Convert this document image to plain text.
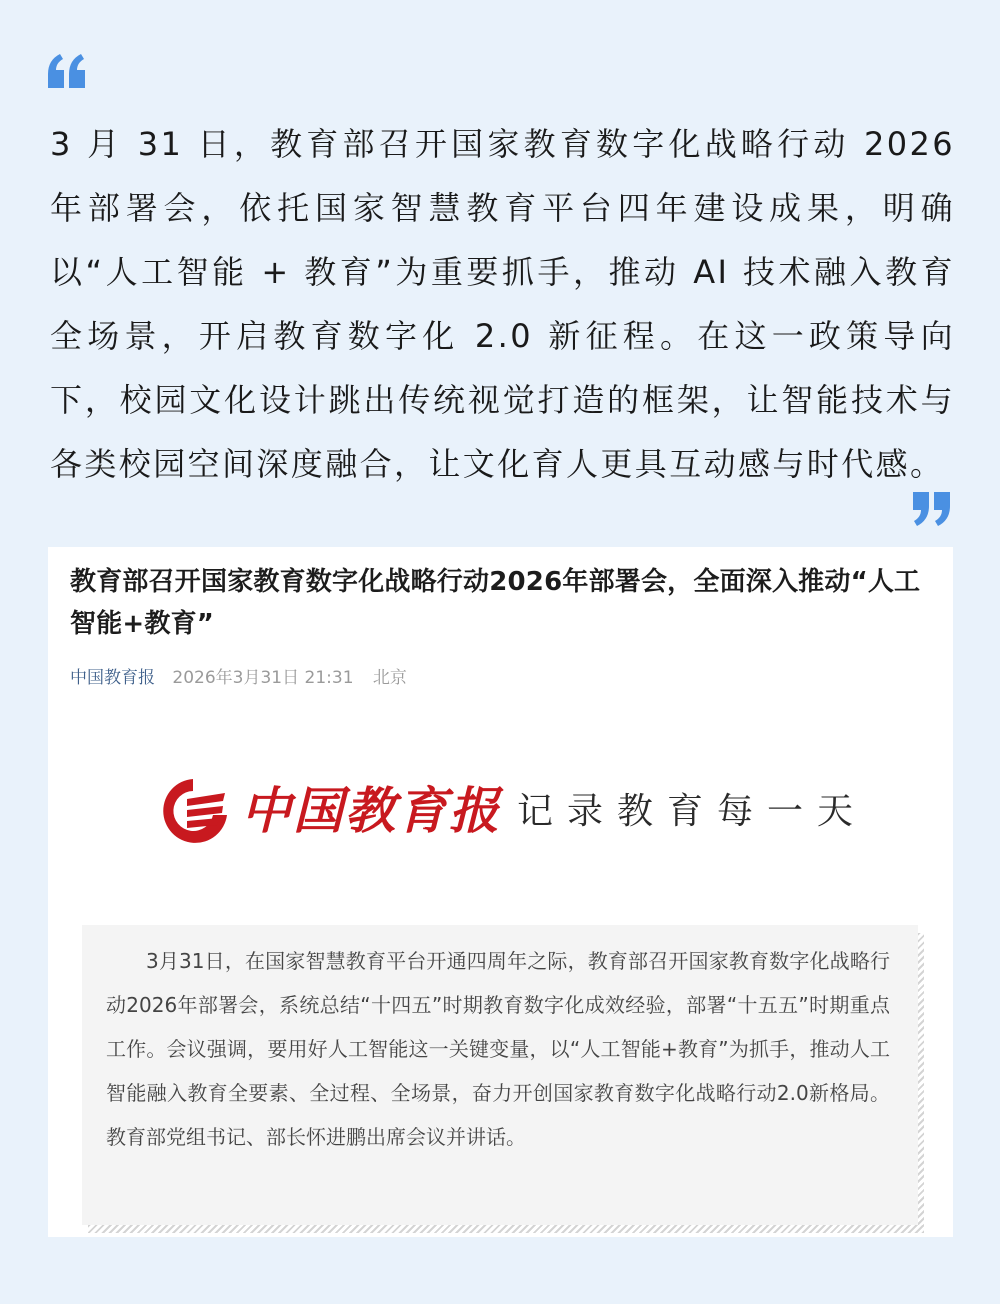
3 月 31 日，教育部召开国家教育数字化战略行动 2026 年部署会，依托国家智慧教育平台四年建设成果，明确以“人工智能 + 教育”为重要抓手，推动 AI 技术融入教育全场景，开启教育数字化 2.0 新征程。在这一政策导向下，校园文化设计跳出传统视觉打造的框架，让智能技术与各类校园空间深度融合，让文化育人更具互动感与时代感。
教育部召开国家教育数字化战略行动2026年部署会，全面深入推动“人工智能+教育”
中国教育报 2026年3月31日 21:31 北京
中国教育报 记录教育每一天
3月31日，在国家智慧教育平台开通四周年之际，教育部召开国家教育数字化战略行动2026年部署会，系统总结“十四五”时期教育数字化成效经验，部署“十五五”时期重点工作。会议强调，要用好人工智能这一关键变量，以“人工智能+教育”为抓手，推动人工智能融入教育全要素、全过程、全场景，奋力开创国家教育数字化战略行动2.0新格局。教育部党组书记、部长怀进鹏出席会议并讲话。
